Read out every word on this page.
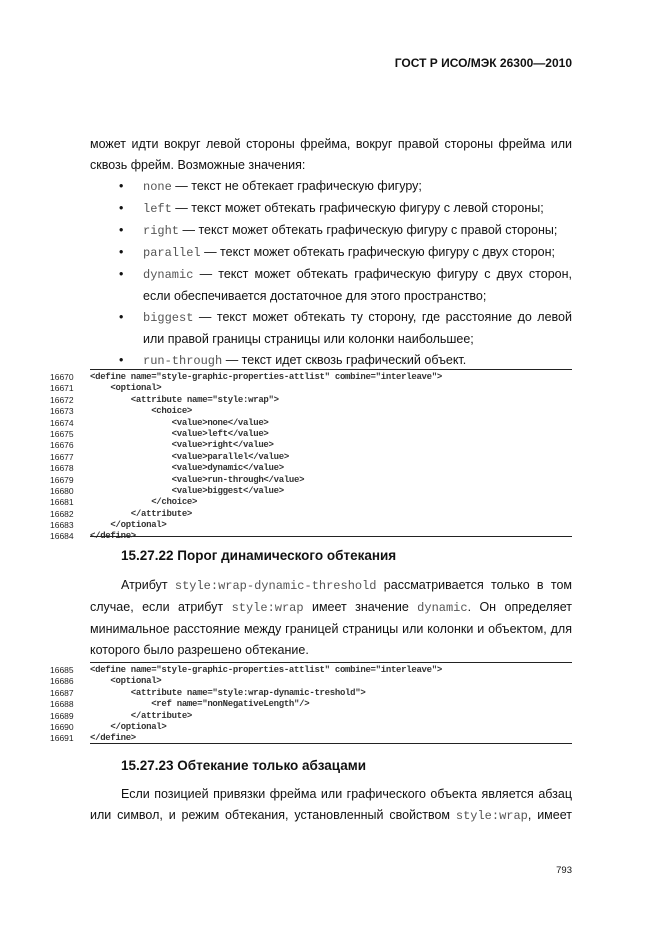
ГОСТ Р ИСО/МЭК 26300—2010
может идти вокруг левой стороны фрейма, вокруг правой стороны фрейма или
сквозь фрейм. Возможные значения:
• none — текст не обтекает графическую фигуру;
• left — текст может обтекать графическую фигуру с левой стороны;
• right — текст может обтекать графическую фигуру с правой стороны;
• parallel — текст может обтекать графическую фигуру с двух сторон;
• dynamic — текст может обтекать графическую фигуру с двух сторон, если обеспечивается достаточное для этого пространство;
• biggest — текст может обтекать ту сторону, где расстояние до левой или правой границы страницы или колонки наибольшее;
• run-through — текст идет сквозь графический объект.
16670	<define name="style-graphic-properties-attlist" combine="interleave">
16671	<optional>
16672	<attribute name="style:wrap">
16673	<choice>
16674	<value>none</value>
16675	<value>left</value>
16676	<value>right</value>
16677	<value>parallel</value>
16678	<value>dynamic</value>
16679	<value>run-through</value>
16680	<value>biggest</value>
16681	</choice>
16682	</attribute>
16683	</optional>
16684	</define>
15.27.22 Порог динамического обтекания
Атрибут style:wrap-dynamic-threshold рассматривается только в том
случае, если атрибут style:wrap имеет значение dynamic. Он определяет
минимальное расстояние между границей страницы или колонки и объектом, для
которого было разрешено обтекание.
16685	<define name="style-graphic-properties-attlist" combine="interleave">
16686	<optional>
16687	<attribute name="style:wrap-dynamic-treshold">
16688	<ref name="nonNegativeLength"/>
16689	</attribute>
16690	</optional>
16691	</define>
15.27.23 Обтекание только абзацами
Если позицией привязки фрейма или графического объекта является абзац
или символ, и режим обтекания, установленный свойством style:wrap, имеет
793
